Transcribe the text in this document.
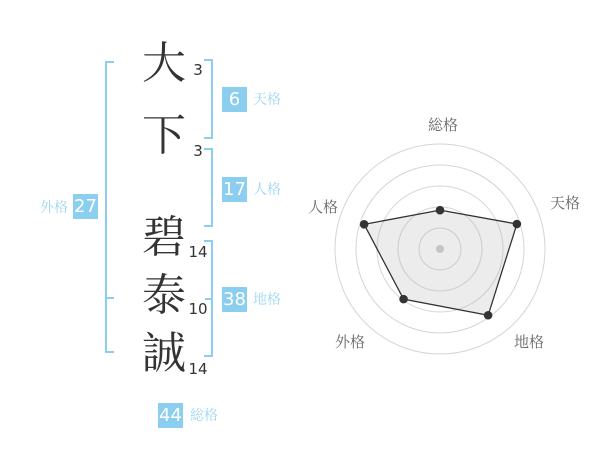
大
下
碧
泰
誠
3
3
14
10
14
6 天格
17 人格
38 地格
外格 27
44 総格
総格
天格
地格
外格
人格
